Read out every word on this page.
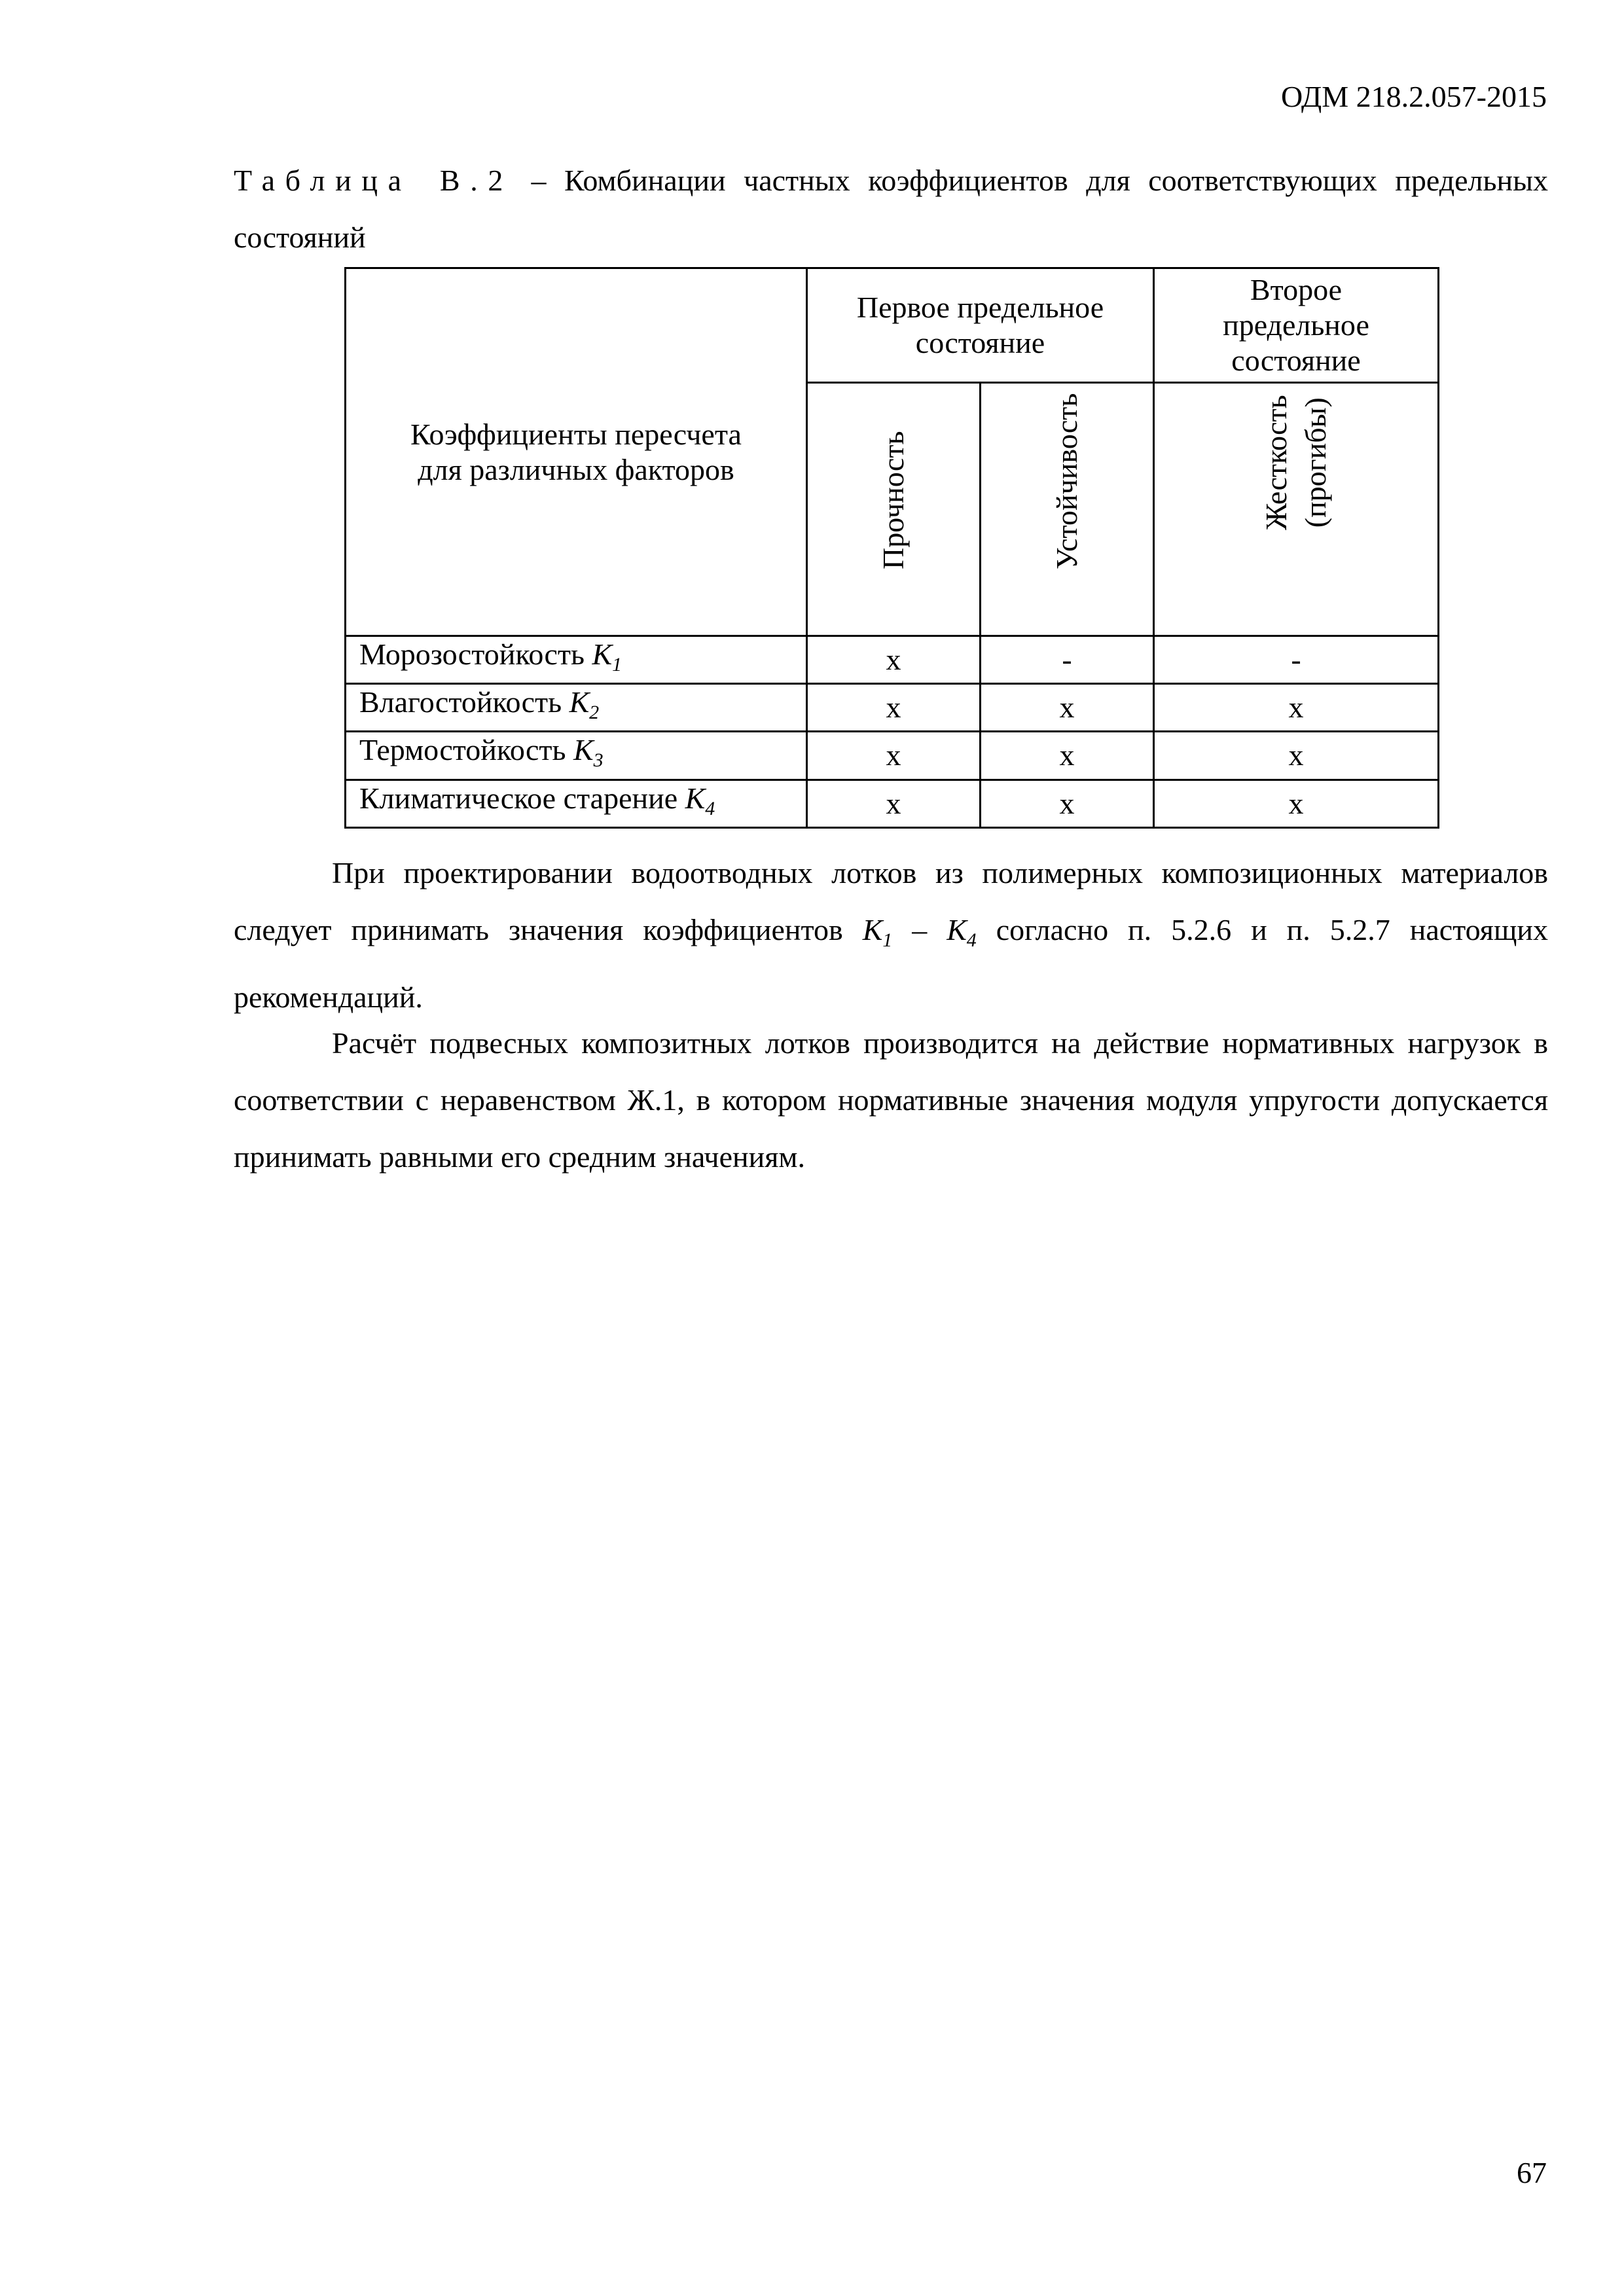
ОДМ 218.2.057-2015
Таблица В.2 – Комбинации частных коэффициентов для соответствующих предельных состояний
Коэффициенты пересчета для различных факторов	Первое предельное состояние		Второе предельное состояние

	Прочность	Устойчивость	Жесткость (прогибы)

Морозостойкость $К_1$	х	-	-
Влагостойкость $К_2$	х	х	х
Термостойкость $К_3$	х	х	х
Климатическое старение $К_4$	х	х	х

При проектировании водоотводных лотков из полимерных композиционных материалов следует принимать значения коэффициентов $К_1 - К_4$ согласно п. 5.2.6 и п. 5.2.7 настоящих рекомендаций.

Расчёт подвесных композитных лотков производится на действие нормативных нагрузок в соответствии с неравенством Ж.1, в котором нормативные значения модуля упругости допускается принимать равными его средним значениям.

67
